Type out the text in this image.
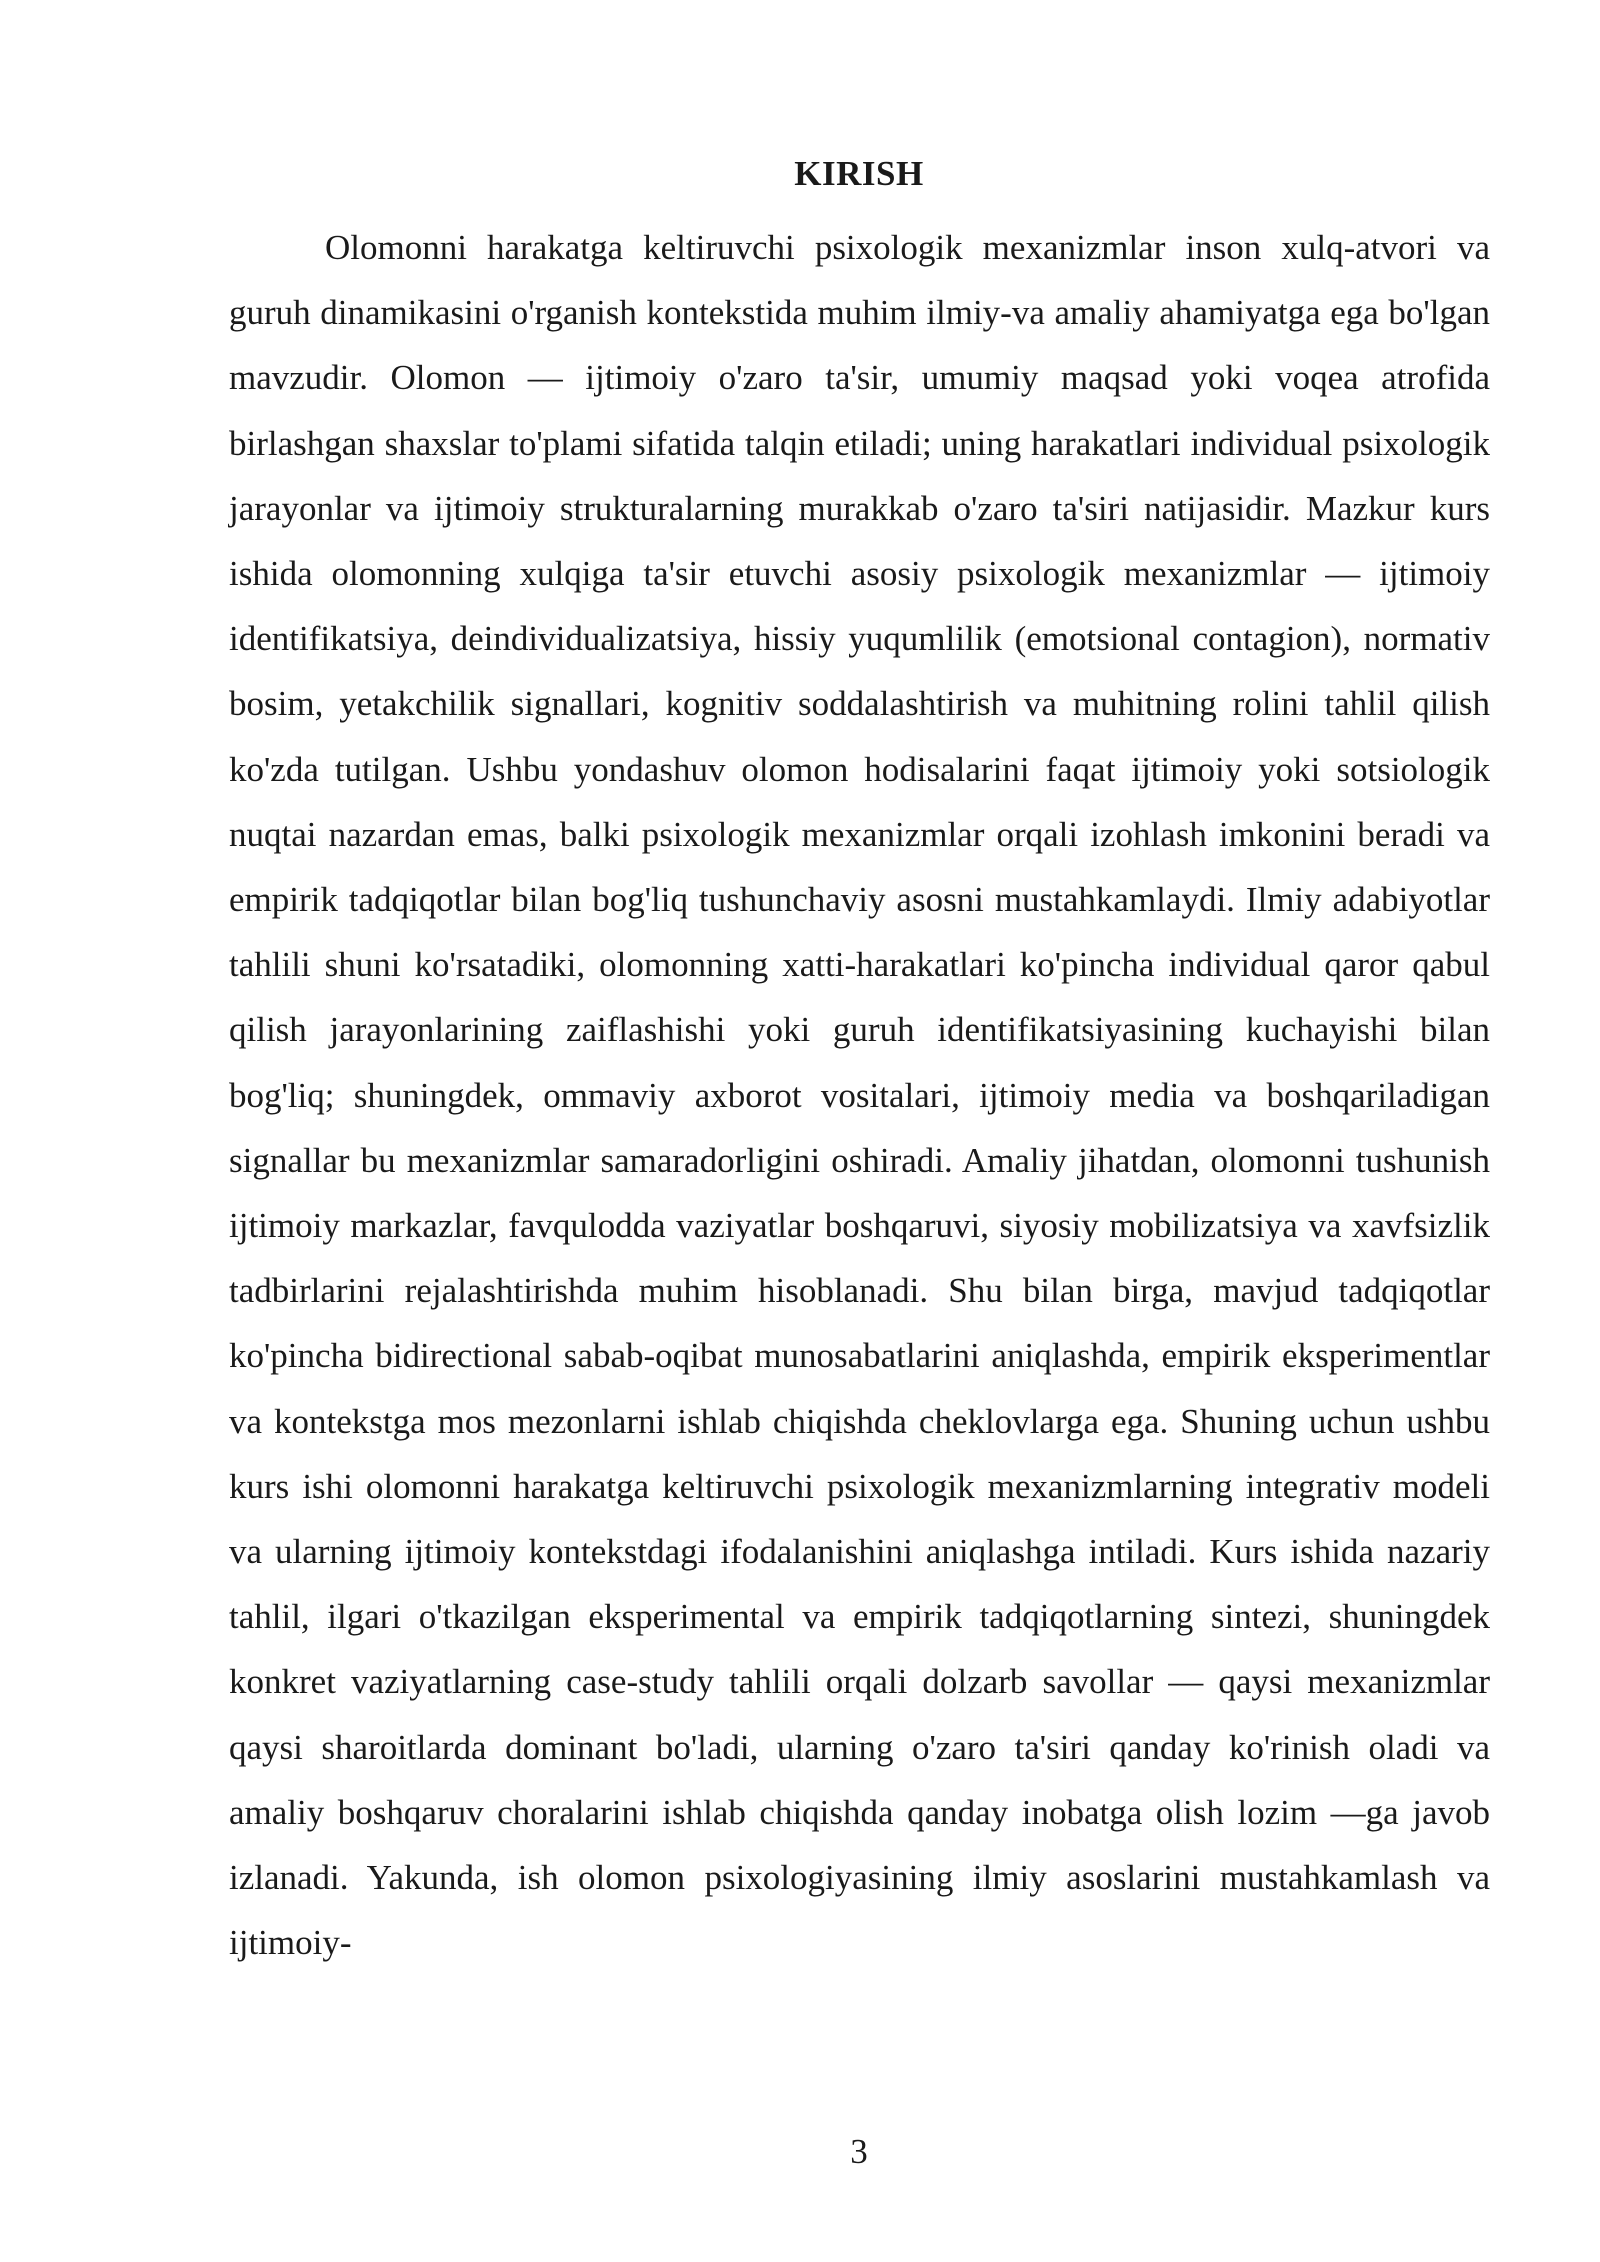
KIRISH

Olomonni harakatga keltiruvchi psixologik mexanizmlar inson xulq-atvori va guruh dinamikasini o'rganish kontekstida muhim ilmiy-va amaliy ahamiyatga ega bo'lgan mavzudir. Olomon — ijtimoiy o'zaro ta'sir, umumiy maqsad yoki voqea atrofida birlashgan shaxslar to'plami sifatida talqin etiladi; uning harakatlari individual psixologik jarayonlar va ijtimoiy strukturalarning murakkab o'zaro ta'siri natijasidir. Mazkur kurs ishida olomonning xulqiga ta'sir etuvchi asosiy psixologik mexanizmlar — ijtimoiy identifikatsiya, deindividualizatsiya, hissiy yuqumlilik (emotsional contagion), normativ bosim, yetakchilik signallari, kognitiv soddalashtirish va muhitning rolini tahlil qilish ko'zda tutilgan. Ushbu yondashuv olomon hodisalarini faqat ijtimoiy yoki sotsiologik nuqtai nazardan emas, balki psixologik mexanizmlar orqali izohlash imkonini beradi va empirik tadqiqotlar bilan bog'liq tushunchaviy asosni mustahkamlaydi. Ilmiy adabiyotlar tahlili shuni ko'rsatadiki, olomonning xatti-harakatlari ko'pincha individual qaror qabul qilish jarayonlarining zaiflashishi yoki guruh identifikatsiyasining kuchayishi bilan bog'liq; shuningdek, ommaviy axborot vositalari, ijtimoiy media va boshqariladigan signallar bu mexanizmlar samaradorligini oshiradi. Amaliy jihatdan, olomonni tushunish ijtimoiy markazlar, favqulodda vaziyatlar boshqaruvi, siyosiy mobilizatsiya va xavfsizlik tadbirlarini rejalashtirishda muhim hisoblanadi. Shu bilan birga, mavjud tadqiqotlar ko'pincha bidirectional sabab-oqibat munosabatlarini aniqlashda, empirik eksperimentlar va kontekstga mos mezonlarni ishlab chiqishda cheklovlarga ega. Shuning uchun ushbu kurs ishi olomonni harakatga keltiruvchi psixologik mexanizmlarning integrativ modeli va ularning ijtimoiy kontekstdagi ifodalanishini aniqlashga intiladi. Kurs ishida nazariy tahlil, ilgari o'tkazilgan eksperimental va empirik tadqiqotlarning sintezi, shuningdek konkret vaziyatlarning case-study tahlili orqali dolzarb savollar — qaysi mexanizmlar qaysi sharoitlarda dominant bo'ladi, ularning o'zaro ta'siri qanday ko'rinish oladi va amaliy boshqaruv choralarini ishlab chiqishda qanday inobatga olish lozim —ga javob izlanadi. Yakunda, ish olomon psixologiyasining ilmiy asoslarini mustahkamlash va ijtimoiy-

3
